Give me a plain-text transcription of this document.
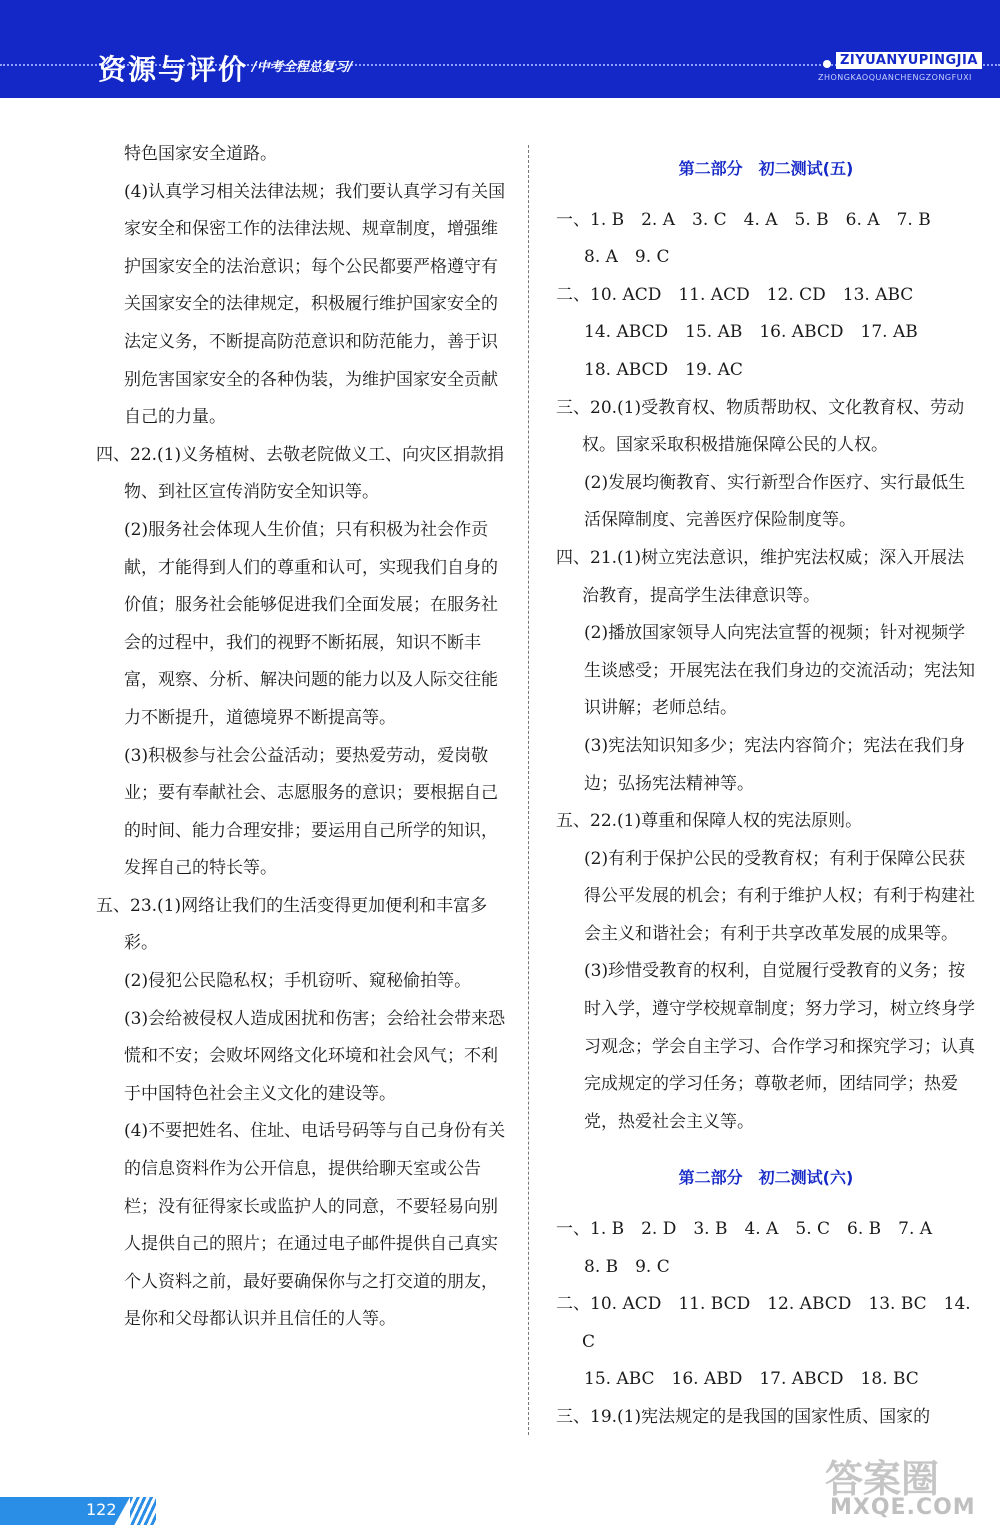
资源与评价 /中考全程总复习/	ZIYUANYUPINGJIA
ZHONGKAOQUANCHENGZONGFUXI
特色国家安全道路。
(4)认真学习相关法律法规；我们要认真学习有关国家安全和保密工作的法律法规、规章制度，增强维护国家安全的法治意识；每个公民都要严格遵守有关国家安全的法律规定，积极履行维护国家安全的法定义务，不断提高防范意识和防范能力，善于识别危害国家安全的各种伪装，为维护国家安全贡献自己的力量。
四、22.(1)义务植树、去敬老院做义工、向灾区捐款捐物、到社区宣传消防安全知识等。
(2)服务社会体现人生价值；只有积极为社会作贡献，才能得到人们的尊重和认可，实现我们自身的价值；服务社会能够促进我们全面发展；在服务社会的过程中，我们的视野不断拓展，知识不断丰富，观察、分析、解决问题的能力以及人际交往能力不断提升，道德境界不断提高等。
(3)积极参与社会公益活动；要热爱劳动，爱岗敬业；要有奉献社会、志愿服务的意识；要根据自己的时间、能力合理安排；要运用自己所学的知识，发挥自己的特长等。
五、23.(1)网络让我们的生活变得更加便利和丰富多彩。
(2)侵犯公民隐私权；手机窃听、窥秘偷拍等。
(3)会给被侵权人造成困扰和伤害；会给社会带来恐慌和不安；会败坏网络文化环境和社会风气；不利于中国特色社会主义文化的建设等。
(4)不要把姓名、住址、电话号码等与自己身份有关的信息资料作为公开信息，提供给聊天室或公告栏；没有征得家长或监护人的同意，不要轻易向别人提供自己的照片；在通过电子邮件提供自己真实个人资料之前，最好要确保你与之打交道的朋友，是你和父母都认识并且信任的人等。
第二部分　初二测试(五)
一、1. B　2. A　3. C　4. A　5. B　6. A　7. B
8. A　9. C
二、10. ACD　11. ACD　12. CD　13. ABC
14. ABCD　15. AB　16. ABCD　17. AB
18. ABCD　19. AC
三、20.(1)受教育权、物质帮助权、文化教育权、劳动权。国家采取积极措施保障公民的人权。
(2)发展均衡教育、实行新型合作医疗、实行最低生活保障制度、完善医疗保险制度等。
四、21.(1)树立宪法意识，维护宪法权威；深入开展法治教育，提高学生法律意识等。
(2)播放国家领导人向宪法宣誓的视频；针对视频学生谈感受；开展宪法在我们身边的交流活动；宪法知识讲解；老师总结。
(3)宪法知识知多少；宪法内容简介；宪法在我们身边；弘扬宪法精神等。
五、22.(1)尊重和保障人权的宪法原则。
(2)有利于保护公民的受教育权；有利于保障公民获得公平发展的机会；有利于维护人权；有利于构建社会主义和谐社会；有利于共享改革发展的成果等。
(3)珍惜受教育的权利，自觉履行受教育的义务；按时入学，遵守学校规章制度；努力学习，树立终身学习观念；学会自主学习、合作学习和探究学习；认真完成规定的学习任务；尊敬老师，团结同学；热爱党，热爱社会主义等。
第二部分　初二测试(六)
一、1. B　2. D　3. B　4. A　5. C　6. B　7. A
8. B　9. C
二、10. ACD　11. BCD　12. ABCD　13. BC　14. C
15. ABC　16. ABD　17. ABCD　18. BC
三、19.(1)宪法规定的是我国的国家性质、国家的
122
答案圈
MXQE.COM
